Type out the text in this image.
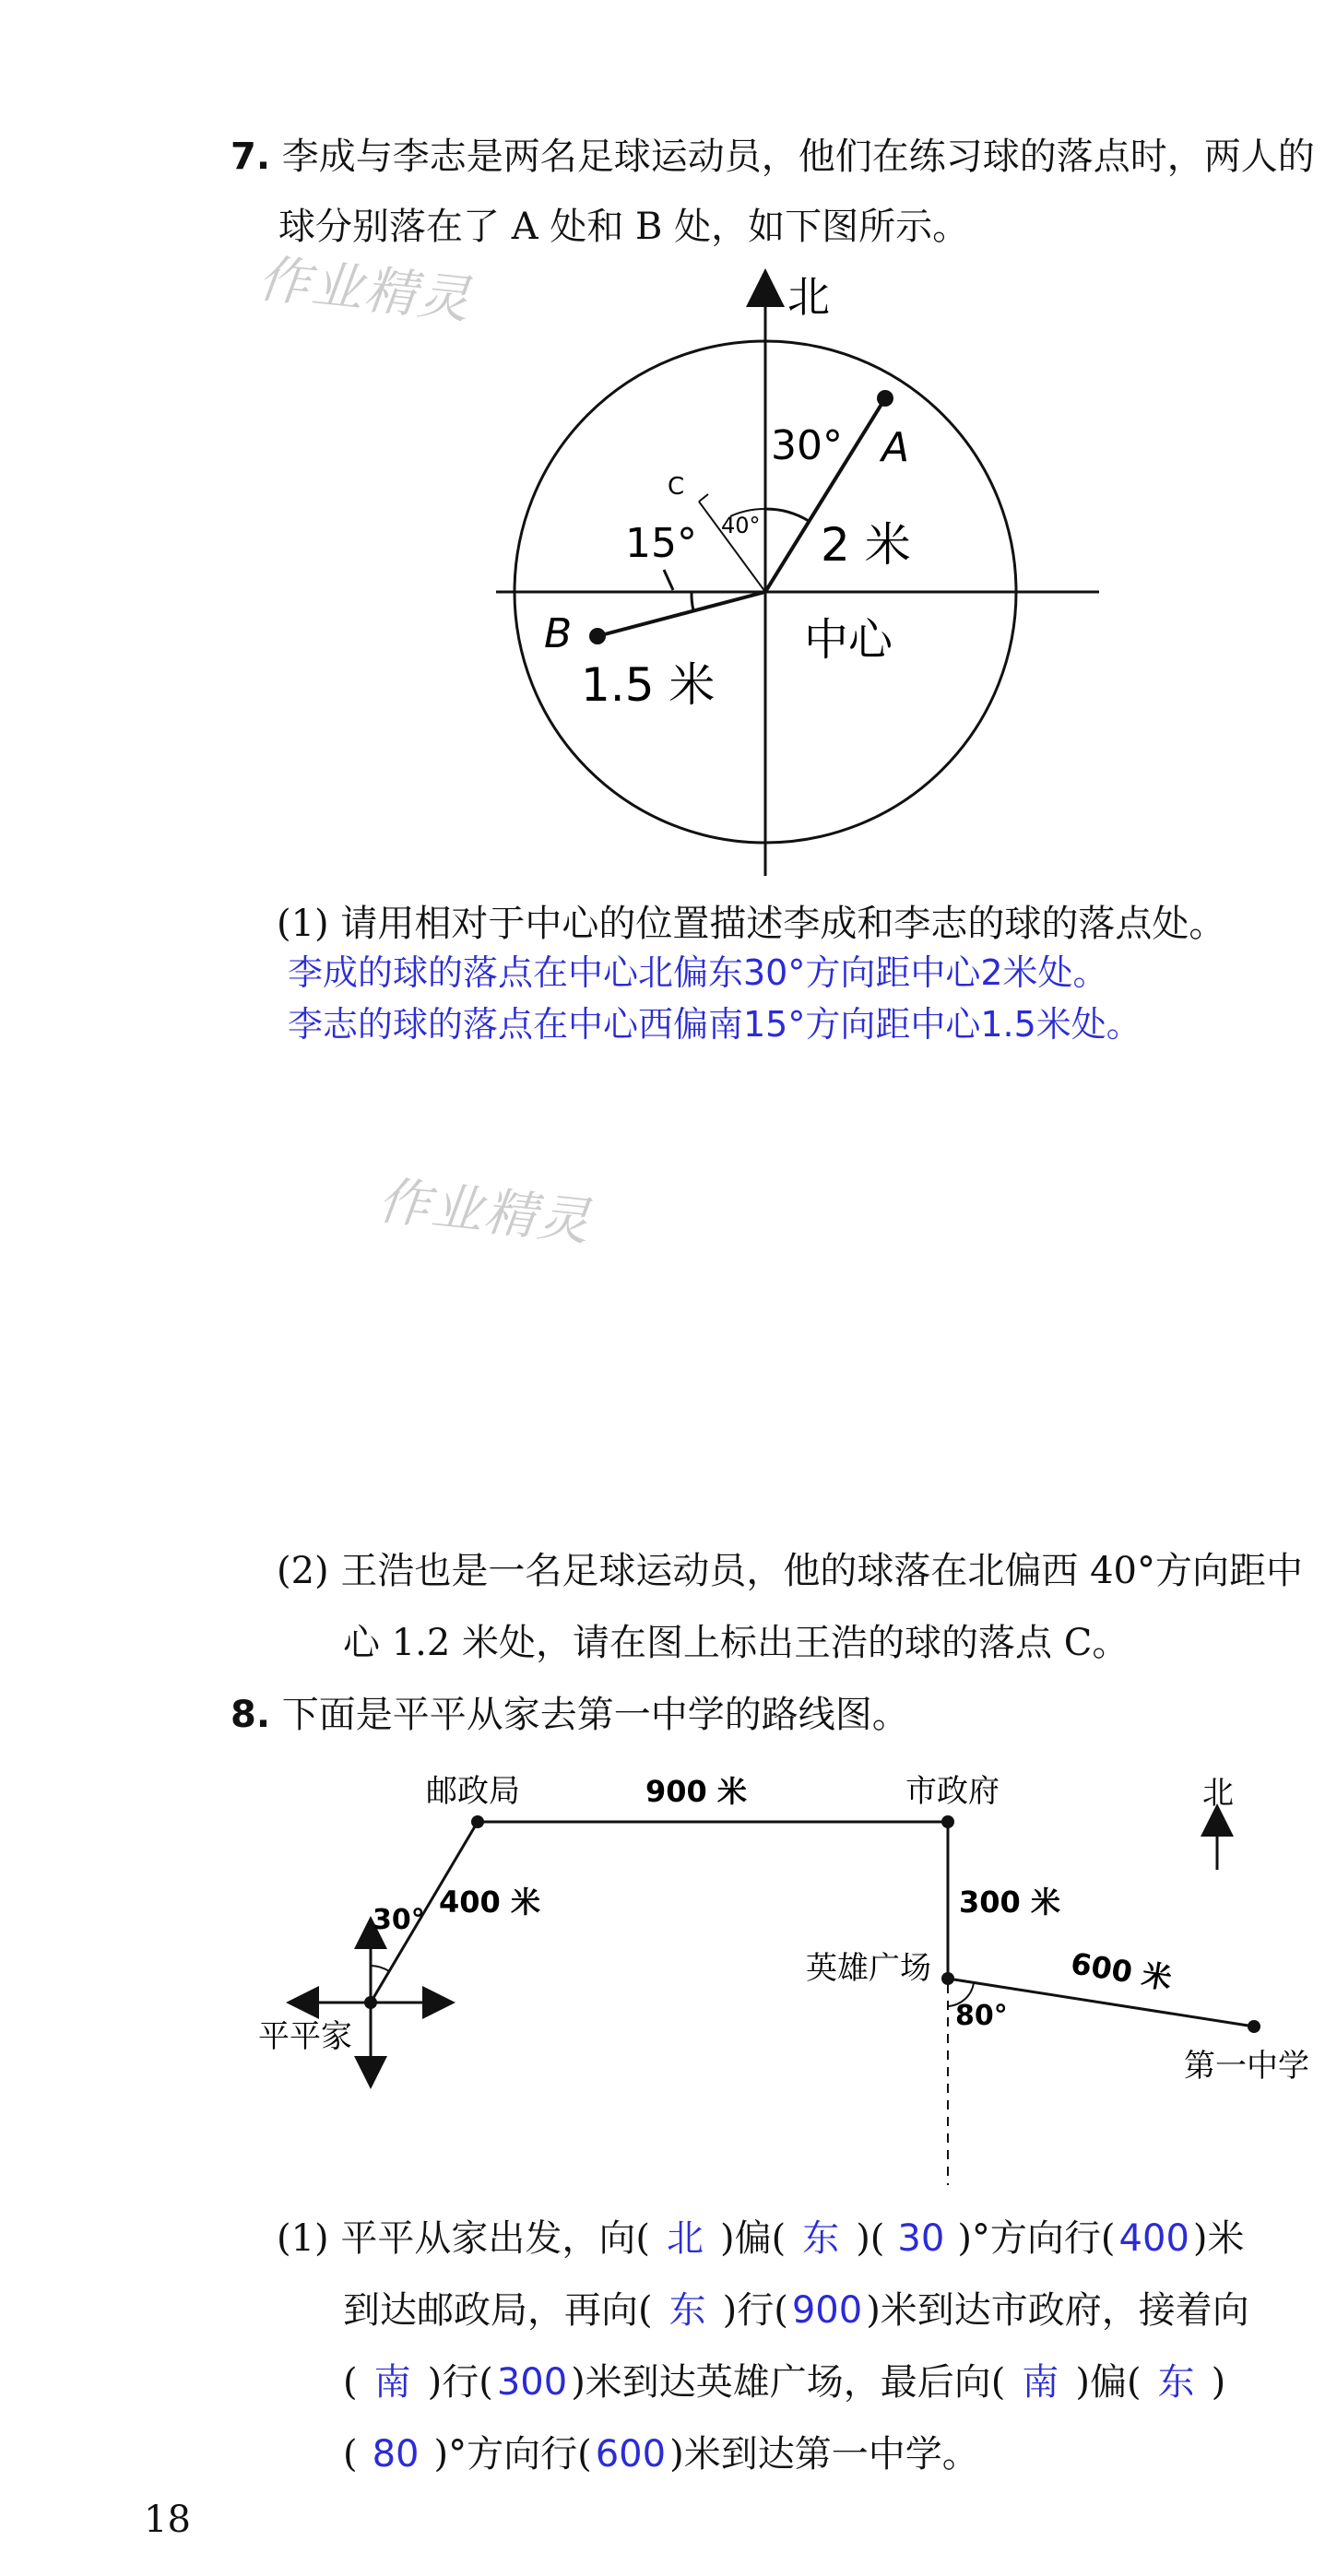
7. 李成与李志是两名足球运动员，他们在练习球的落点时，两人的
球分别落在了 A 处和 B 处，如下图所示。
作业精灵	北
30° A
2 米
C
40°
15°
B
1.5 米
中心
(1) 请用相对于中心的位置描述李成和李志的球的落点处。
李成的球的落点在中心北偏东30°方向距中心2米处。
李志的球的落点在中心西偏南15°方向距中心1.5米处。
作业精灵
(2) 王浩也是一名足球运动员，他的球落在北偏西 40°方向距中
心 1.2 米处，请在图上标出王浩的球的落点 C。
8. 下面是平平从家去第一中学的路线图。
北
邮政局	900 米	市政府
30°
400 米
平平家
300 米
英雄广场
80°
600 米
第一中学
(1) 平平从家出发，向( 北 )偏( 东 )( 30 )°方向行( 400 )米
到达邮政局，再向( 东 )行( 900 )米到达市政府，接着向
( 南 )行( 300 )米到达英雄广场，最后向( 南 )偏( 东 )
( 80 )°方向行( 600 )米到达第一中学。
18
